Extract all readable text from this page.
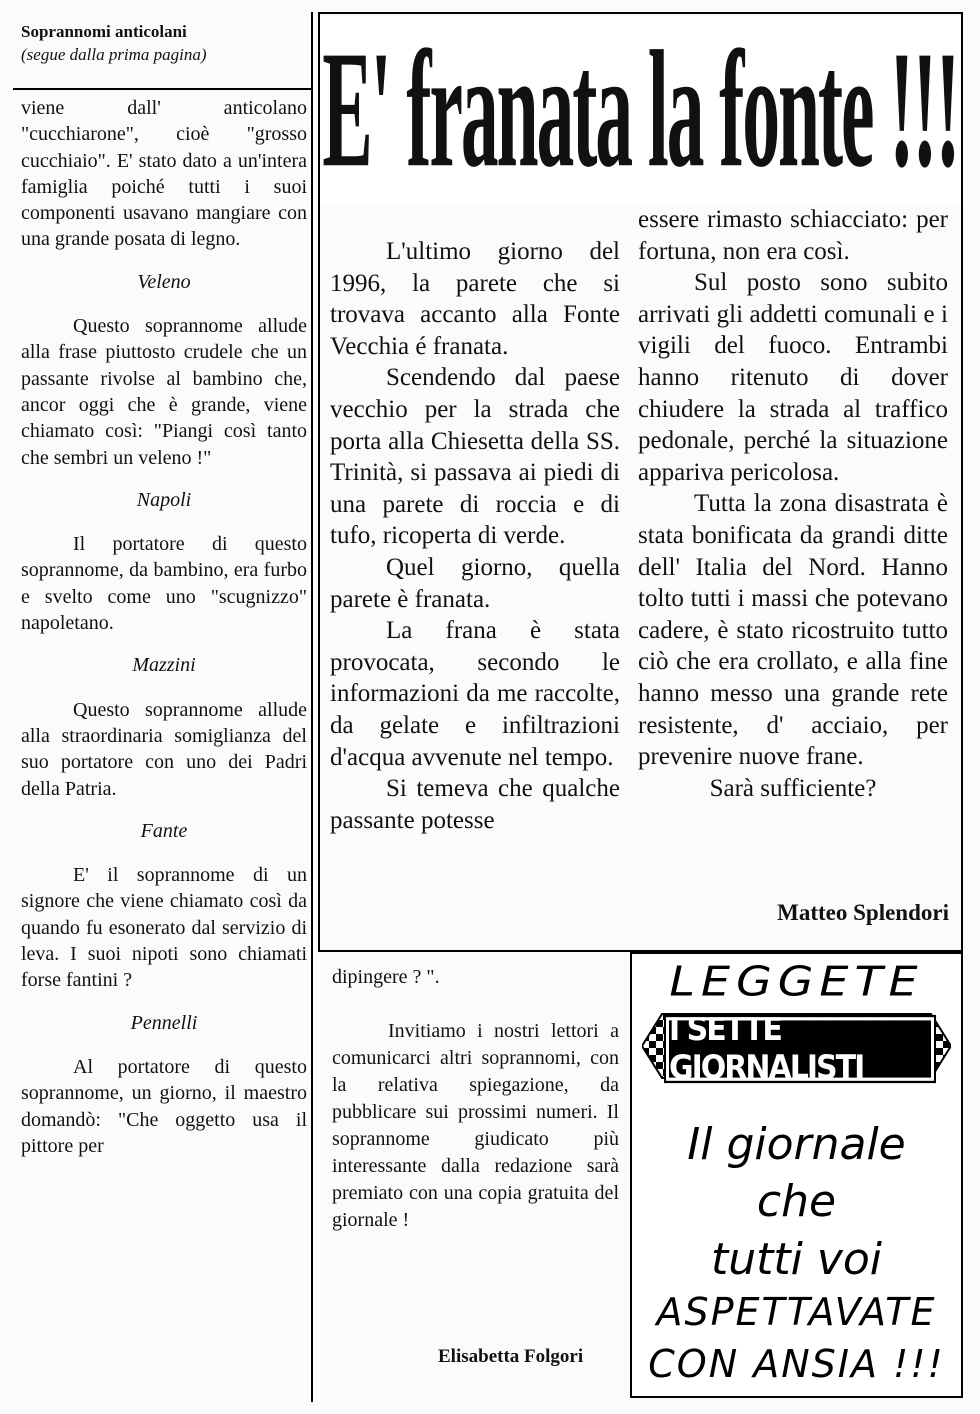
Soprannomi anticolani
(segue dalla prima pagina)

viene dall' anticolano "cucchiarone", cioè "grosso cucchiaio". E' stato dato a un'intera famiglia poiché tutti i suoi componenti usavano mangiare con una grande posata di legno.

Veleno

Questo soprannome allude alla frase piuttosto crudele che un passante rivolse al bambino che, ancor oggi che è grande, viene chiamato così: "Piangi così tanto che sembri un veleno !"

Napoli

Il portatore di questo soprannome, da bambino, era furbo e svelto come uno "scugnizzo" napoletano.

Mazzini

Questo soprannome allude alla straordinaria somiglianza del suo portatore con uno dei Padri della Patria.

Fante

E' il soprannome di un signore che viene chiamato così da quando fu esonerato dal servizio di leva. I suoi nipoti sono chiamati forse fantini ?

Pennelli

Al portatore di questo soprannome, un giorno, il maestro domandò: "Che oggetto usa il pittore per

E' franata la fonte !!!

L'ultimo giorno del 1996, la parete che si trovava accanto alla Fonte Vecchia é franata.

Scendendo dal paese vecchio per la strada che porta alla Chiesetta della SS. Trinità, si passava ai piedi di una parete di roccia e di tufo, ricoperta di verde.

Quel giorno, quella parete è franata.

La frana è stata provocata, secondo le informazioni da me raccolte, da gelate e infiltrazioni d'acqua avvenute nel tempo.

Si temeva che qualche passante potesse

essere rimasto schiacciato: per fortuna, non era così.

Sul posto sono subito arrivati gli addetti comunali e i vigili del fuoco. Entrambi hanno ritenuto di dover chiudere la strada al traffico pedonale, perché la situazione appariva pericolosa.

Tutta la zona disastrata è stata bonificata da grandi ditte dell' Italia del Nord. Hanno tolto tutti i massi che potevano cadere, è stato ricostruito tutto ciò che era crollato, e alla fine hanno messo una grande rete resistente, d' acciaio, per prevenire nuove frane.

Sarà sufficiente?

Matteo Splendori

dipingere ? ".

Invitiamo i nostri lettori a comunicarci altri soprannomi, con la relativa spiegazione, da pubblicare sui prossimi numeri. Il soprannome giudicato più interessante dalla redazione sarà premiato con una copia gratuita del giornale !

Elisabetta Folgori
LEGGETE
I SETTE GIORNALISTI
Il giornale
che
tutti voi
ASPETTAVATE
CON ANSIA !!!
